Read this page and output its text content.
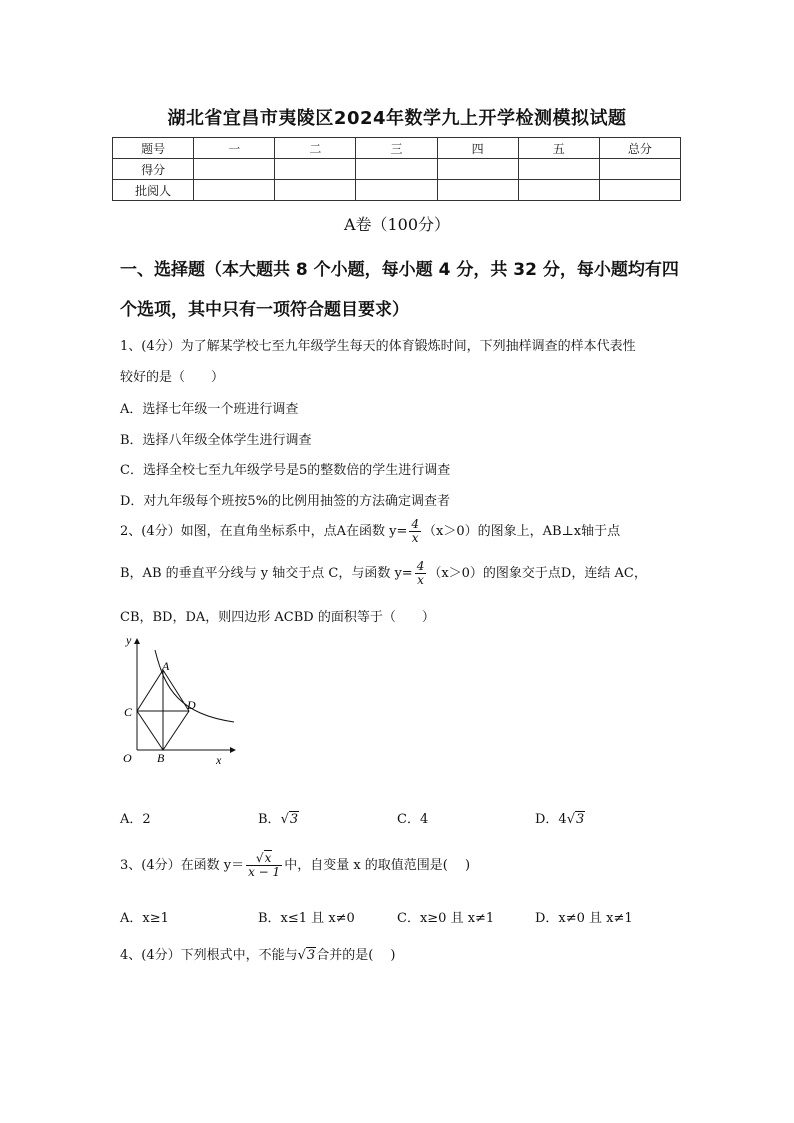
湖北省宜昌市夷陵区2024年数学九上开学检测模拟试题
题号	一	二	三	四	五	总分
得分						
批阅人						
A卷（100分）
一、选择题（本大题共 8 个小题，每小题 4 分，共 32 分，每小题均有四个选项，其中只有一项符合题目要求）
1、(4分）为了解某学校七至九年级学生每天的体育锻炼时间，下列抽样调查的样本代表性
较好的是（　　）
A．选择七年级一个班进行调查
B．选择八年级全体学生进行调查
C．选择全校七至九年级学号是5的整数倍的学生进行调查
D．对九年级每个班按5%的比例用抽签的方法确定调查者
2、(4分）如图，在直角坐标系中，点A在函数 $y= \frac{4}{x} (x>0)$的图象上，AB⊥x轴于点
B，AB 的垂直平分线与 y 轴交于点 C，与函数 $y= \frac{4}{x} (x>0)$的图象交于点D，连结 AC，
CB，BD，DA，则四边形 ACBD 的面积等于（　　）
y
x
O
A
B
C	D
A．2	B．√3	C．4	D．4√3
3、(4分）在函数 $y= \frac{√x}{x - 1}$ 中，自变量 x 的取值范围是(　 )
A．x≥1	B．x≤1 且 x≠0	C．x≥0 且 x≠1	D．x≠0 且 x≠1
4、(4分）下列根式中，不能与√3合并的是(　 )
